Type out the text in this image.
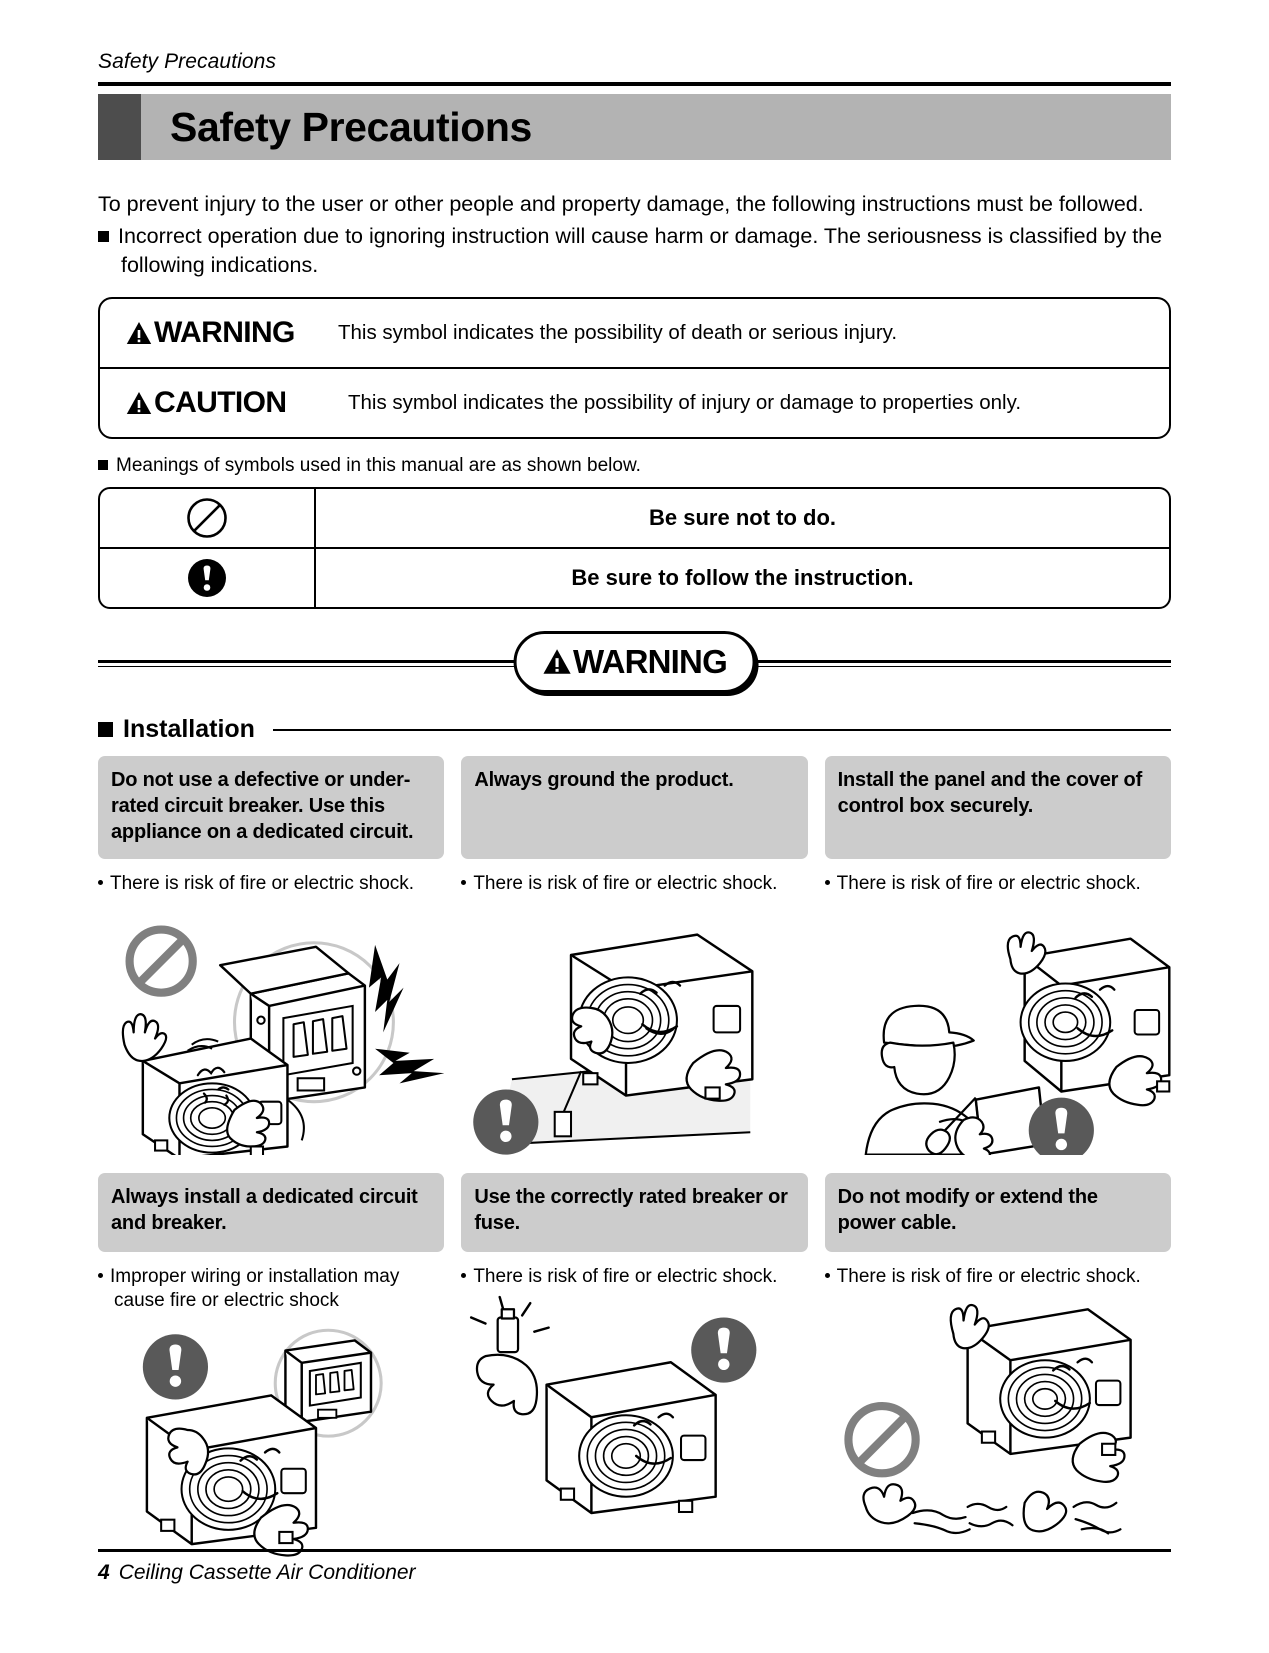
Safety Precautions
Safety Precautions

To prevent injury to the user or other people and property damage, the following instructions must be followed.

Incorrect operation due to ignoring instruction will cause harm or damage. The seriousness is classified by the following indications.

WARNING This symbol indicates the possibility of death or serious injury.
CAUTION	This symbol indicates the possibility of injury or damage to properties only.
Meanings of symbols used in this manual are as shown below.
Be sure not to do.
Be sure to follow the instruction.
WARNING
Installation
Do not use a defective or under-rated circuit breaker. Use this appliance on a dedicated circuit.
There is risk of fire or electric shock.
Always ground the product.
There is risk of fire or electric shock.
Install the panel and the cover of control box securely.
There is risk of fire or electric shock.
Always install a dedicated circuit and breaker.
Improper wiring or installation may cause fire or electric shock
Use the correctly rated breaker or fuse.
There is risk of fire or electric shock.
Do not modify or extend the power cable.
There is risk of fire or electric shock.
4 Ceiling Cassette Air Conditioner
